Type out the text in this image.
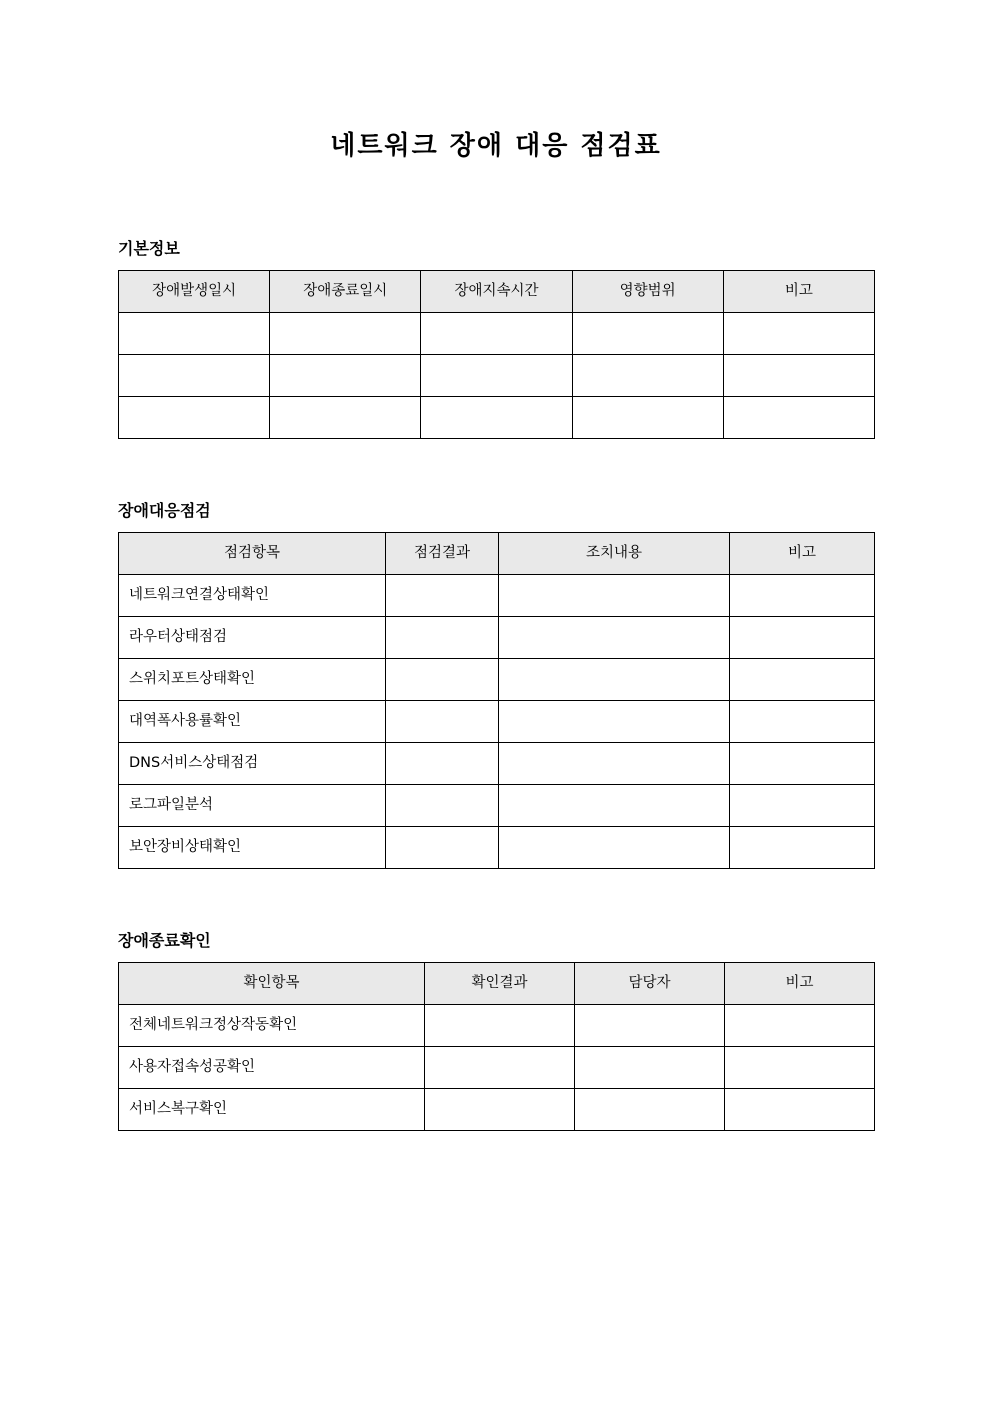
네트워크 장애 대응 점검표
기본정보
장애발생일시	장애종료일시	장애지속시간	영향범위	비고

장애대응점검
점검항목	점검결과	조치내용	비고
네트워크연결상태확인			
라우터상태점검			
스위치포트상태확인			
대역폭사용률확인			
DNS서비스상태점검			
로그파일분석			
보안장비상태확인			
장애종료확인
확인항목	확인결과	담당자	비고
전체네트워크정상작동확인			
사용자접속성공확인			
서비스복구확인			
